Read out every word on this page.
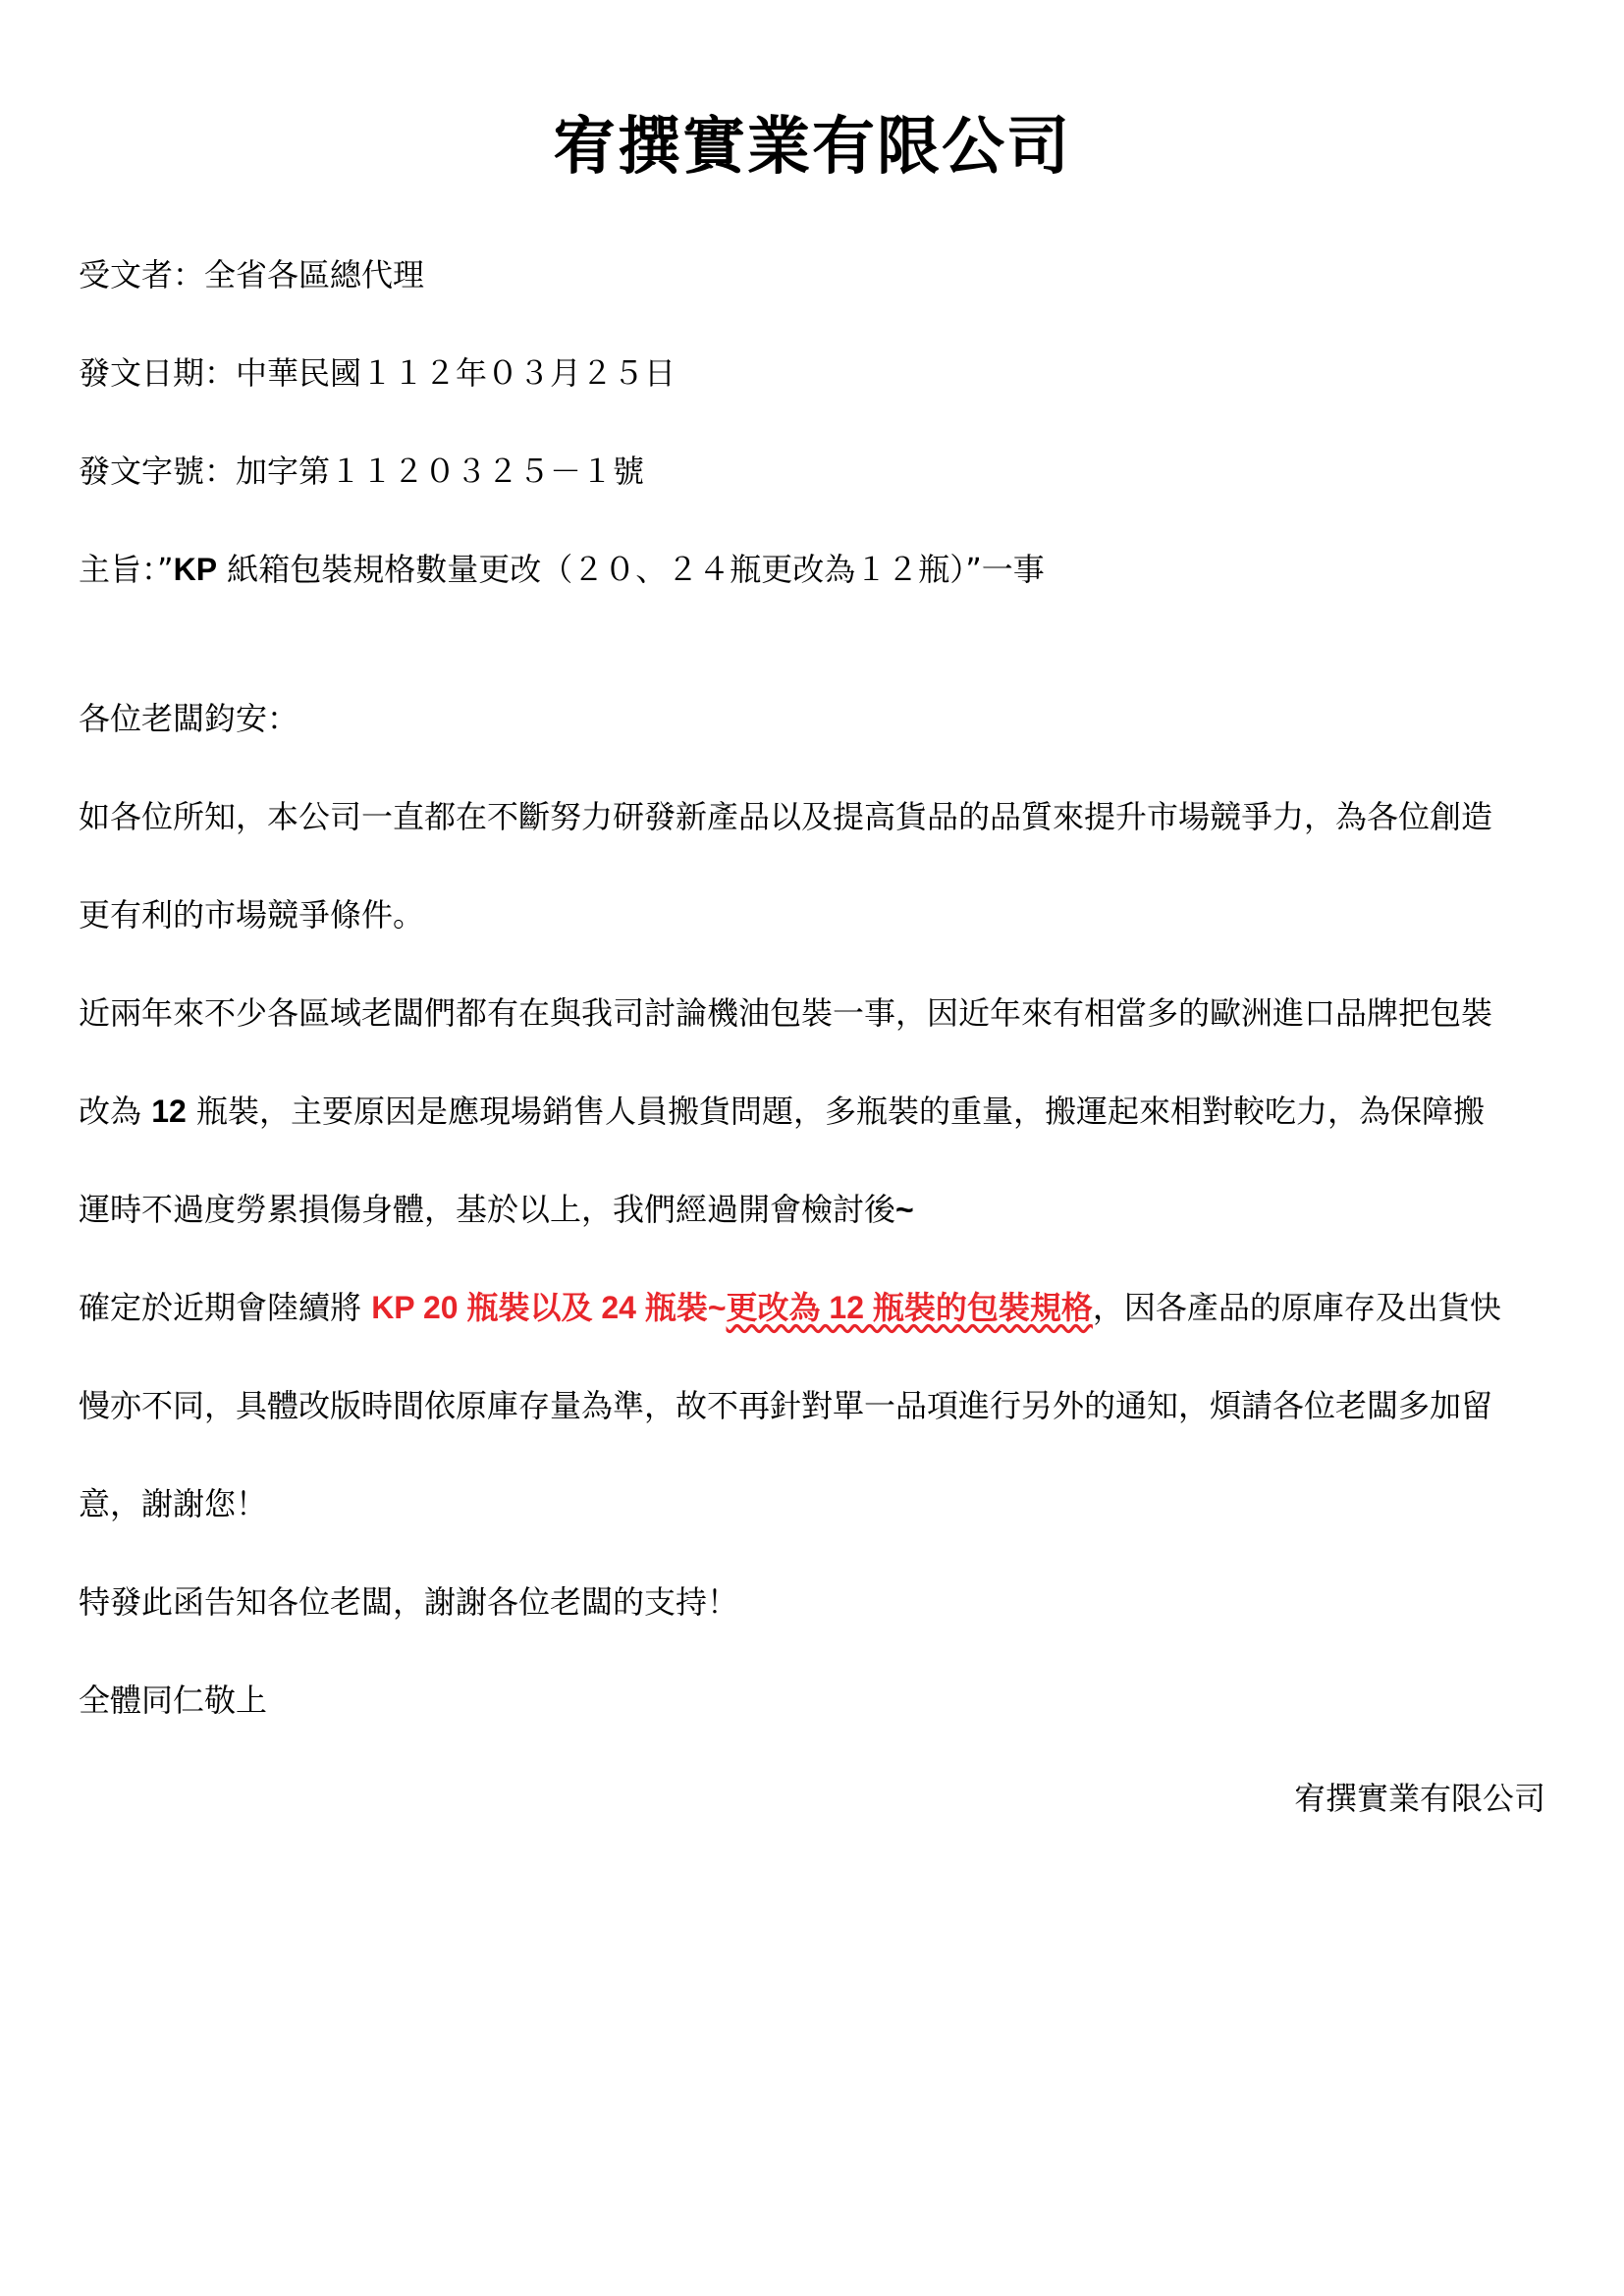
宥撰實業有限公司
受文者：全省各區總代理
發文日期：中華民國１１２年０３月２５日
發文字號：加字第１１２０３２５－１號
主旨：”KP 紙箱包裝規格數量更改（２０、２４瓶更改為１２瓶）”一事
各位老闆鈞安：
如各位所知，本公司一直都在不斷努力研發新產品以及提高貨品的品質來提升市場競爭力，為各位創造
更有利的市場競爭條件。
近兩年來不少各區域老闆們都有在與我司討論機油包裝一事，因近年來有相當多的歐洲進口品牌把包裝
改為 12 瓶裝，主要原因是應現場銷售人員搬貨問題，多瓶裝的重量，搬運起來相對較吃力，為保障搬
運時不過度勞累損傷身體，基於以上，我們經過開會檢討後~
確定於近期會陸續將 KP 20 瓶裝以及 24 瓶裝~更改為 12 瓶裝的包裝規格，因各產品的原庫存及出貨快
慢亦不同，具體改版時間依原庫存量為準，故不再針對單一品項進行另外的通知，煩請各位老闆多加留
意，謝謝您！
特發此函告知各位老闆，謝謝各位老闆的支持！
全體同仁敬上
宥撰實業有限公司
